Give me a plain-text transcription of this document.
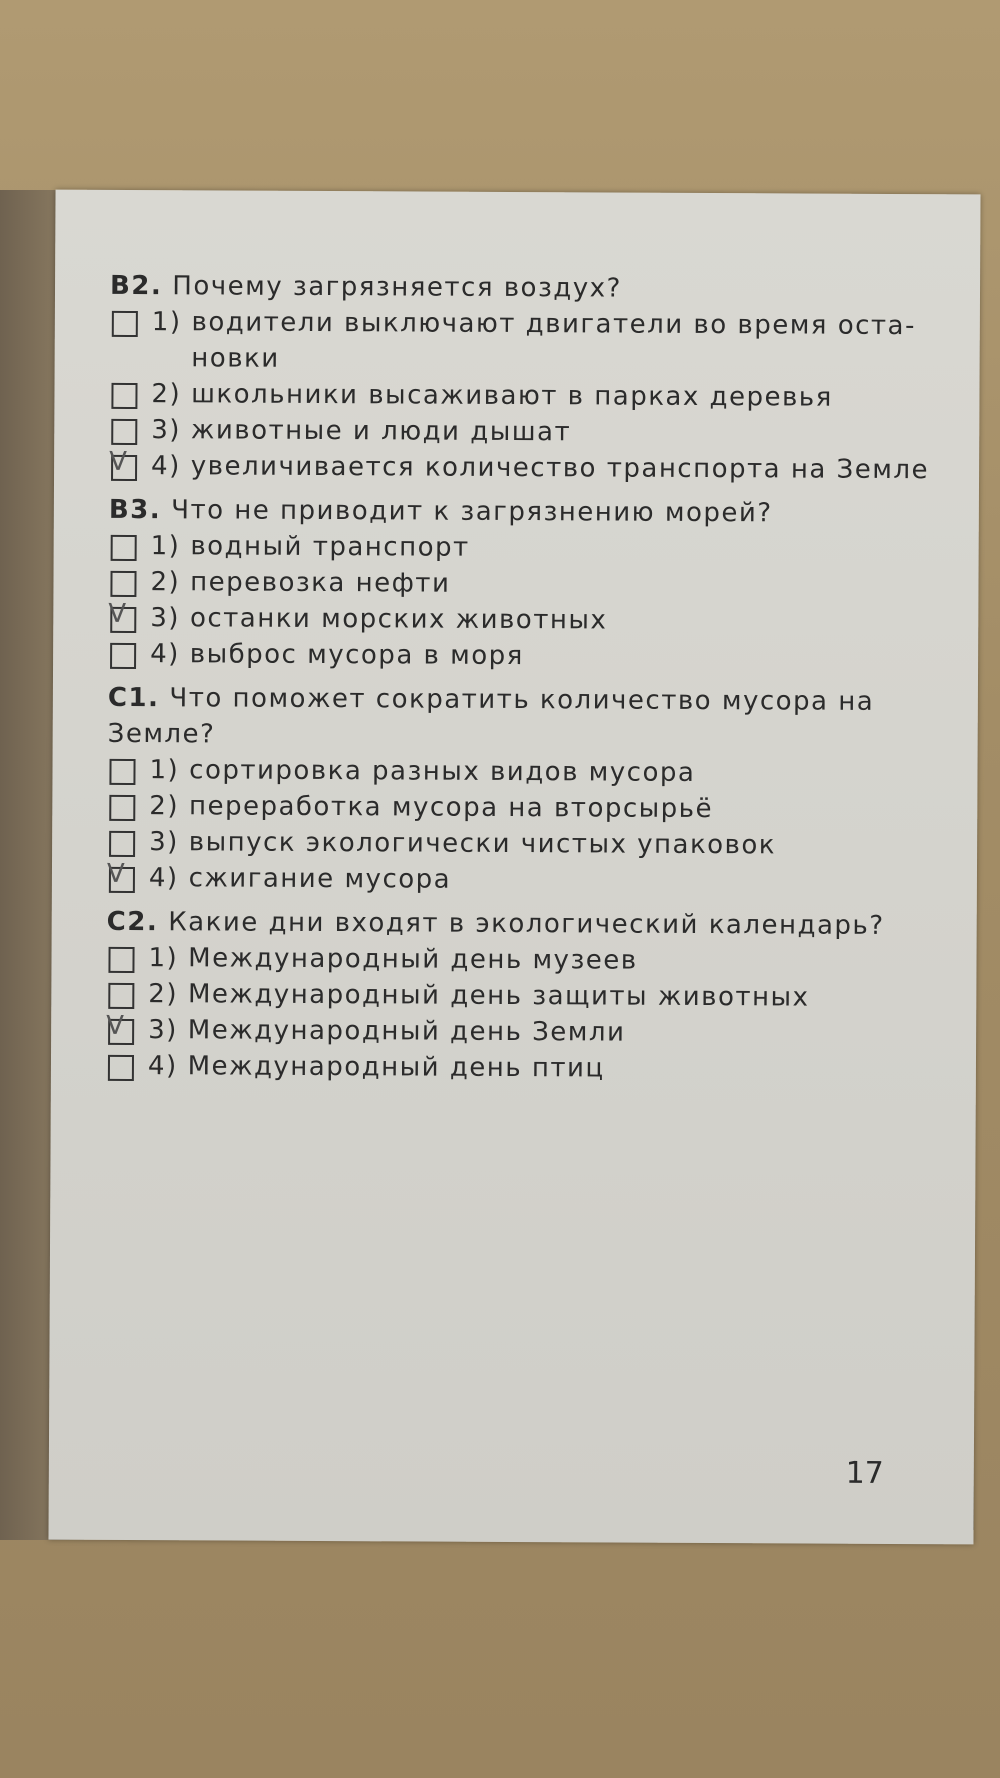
B2. Почему загрязняется воздух?
1) водители выключают двигатели во время оста-новки
2) школьники высаживают в парках деревья
3) животные и люди дышат
V 4) увеличивается количество транспорта на Земле
B3. Что не приводит к загрязнению морей?
1) водный транспорт
2) перевозка нефти
V 3) останки морских животных
4) выброс мусора в моря
C1. Что поможет сократить количество мусора на Земле?
1) сортировка разных видов мусора
2) переработка мусора на вторсырьё
3) выпуск экологически чистых упаковок
V 4) сжигание мусора
C2. Какие дни входят в экологический календарь?
1) Международный день музеев
2) Международный день защиты животных
V 3) Международный день Земли
4) Международный день птиц
17
